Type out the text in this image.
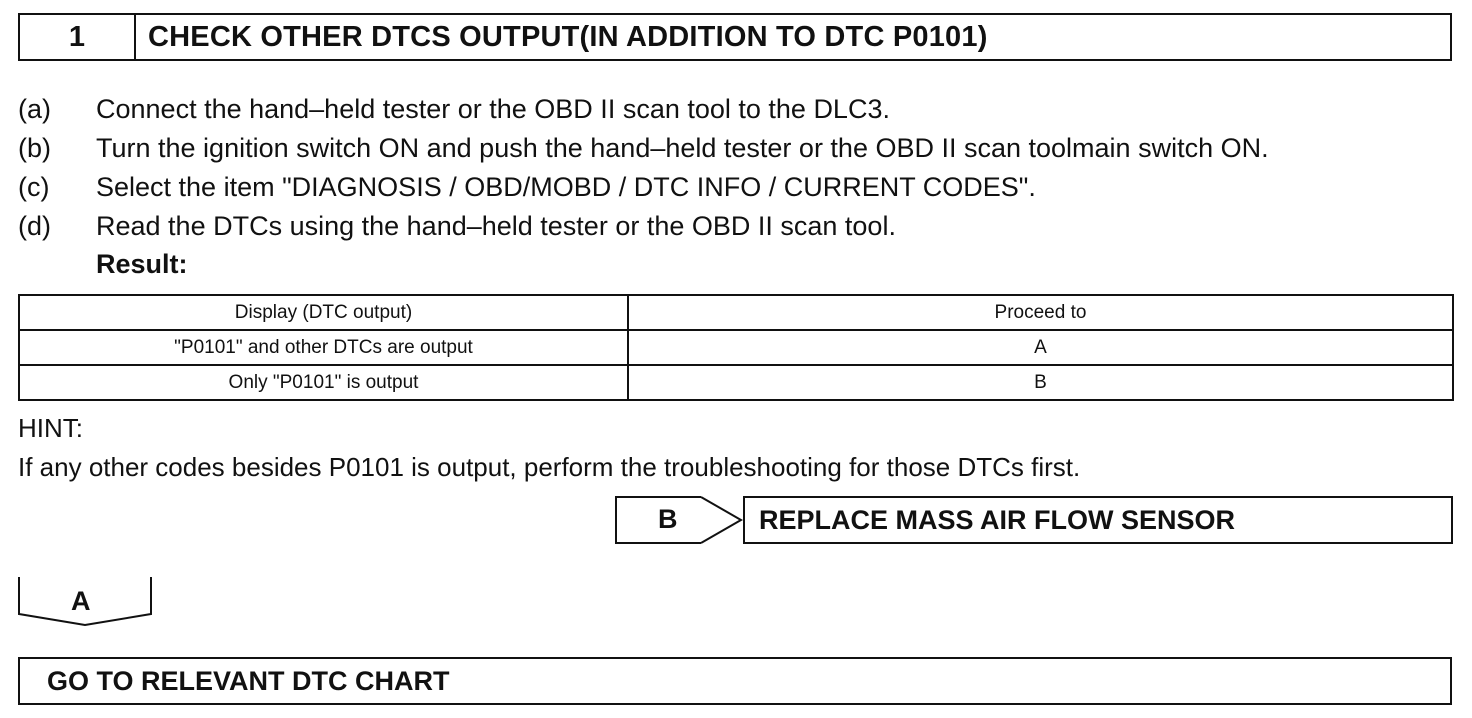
1	CHECK OTHER DTCS OUTPUT(IN ADDITION TO DTC P0101)
(a)	Connect the hand–held tester or the OBD II scan tool to the DLC3.
(b)	Turn the ignition switch ON and push the hand–held tester or the OBD II scan toolmain switch ON.
(c)	Select the item "DIAGNOSIS / OBD/MOBD / DTC INFO / CURRENT CODES".
(d)	Read the DTCs using the hand–held tester or the OBD II scan tool.
Result:
Display (DTC output)	Proceed to
"P0101" and other DTCs are output	A
Only "P0101" is output	B
HINT:
If any other codes besides P0101 is output, perform the troubleshooting for those DTCs first.
B	REPLACE MASS AIR FLOW SENSOR
A
GO TO RELEVANT DTC CHART
